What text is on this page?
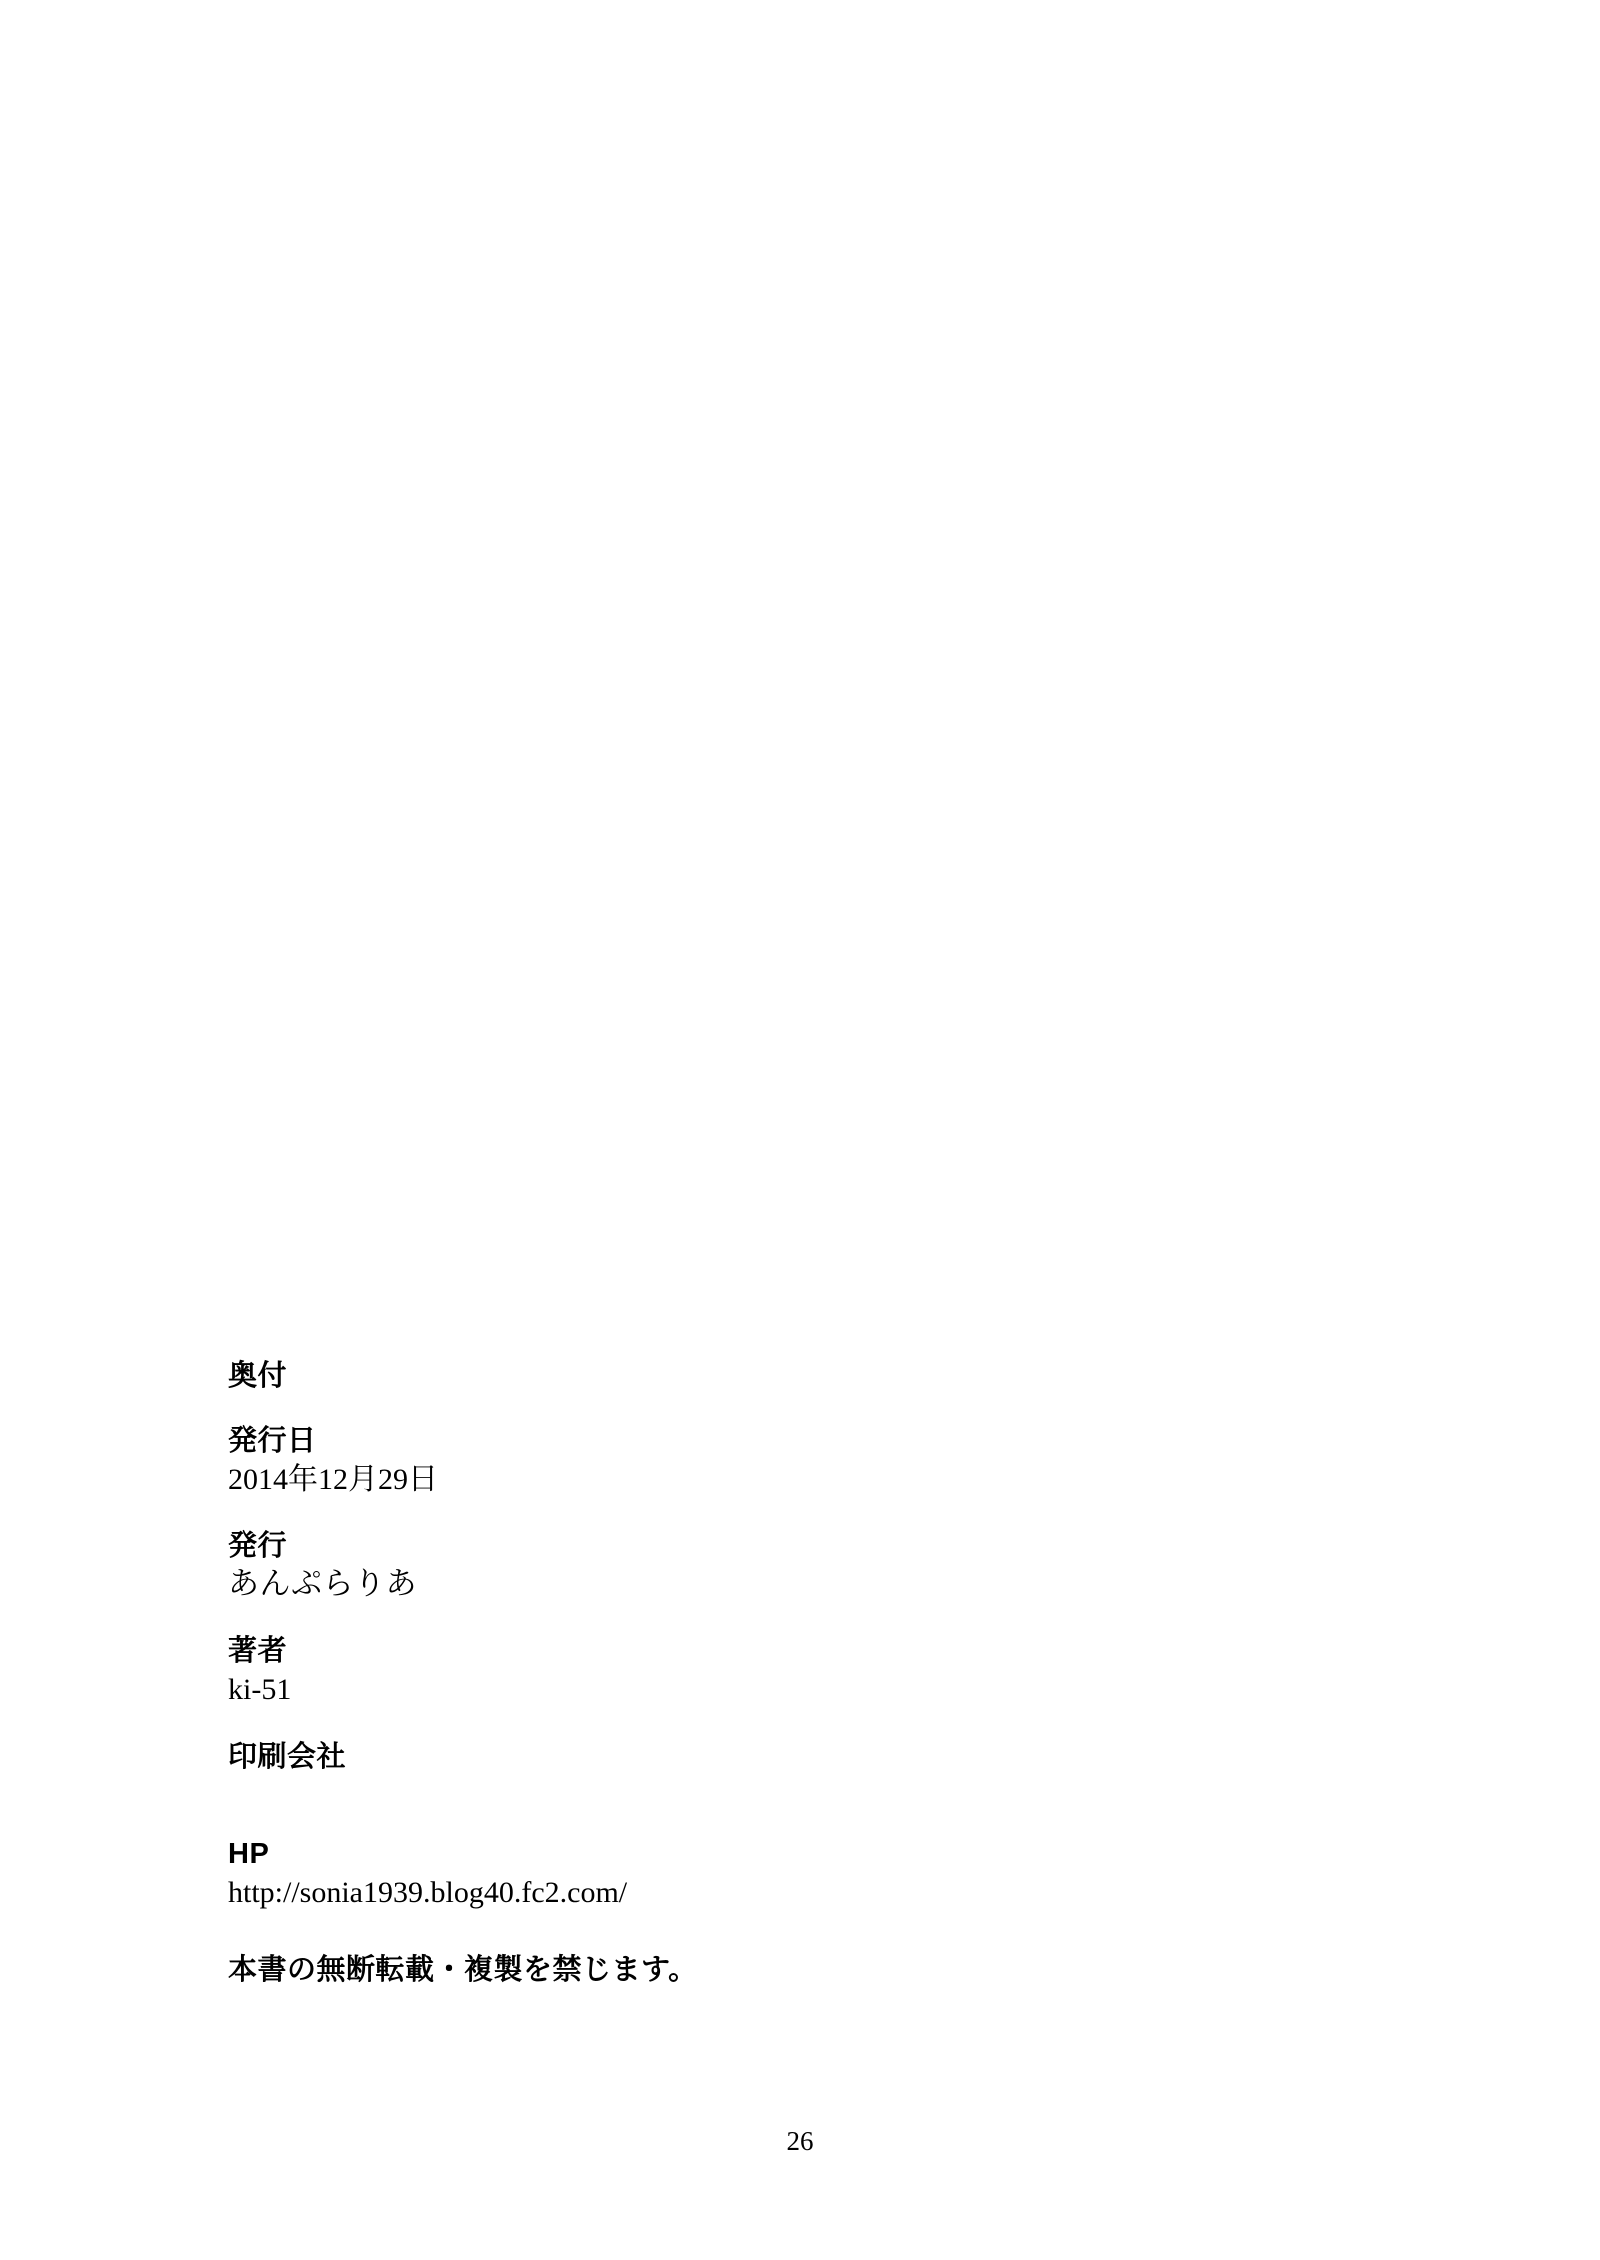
奥付

発行日

2014年12月29日

発行

あんぷらりあ

著者

ki-51

印刷会社

HP

http://sonia1939.blog40.fc2.com/

本書の無断転載・複製を禁じます。

26
